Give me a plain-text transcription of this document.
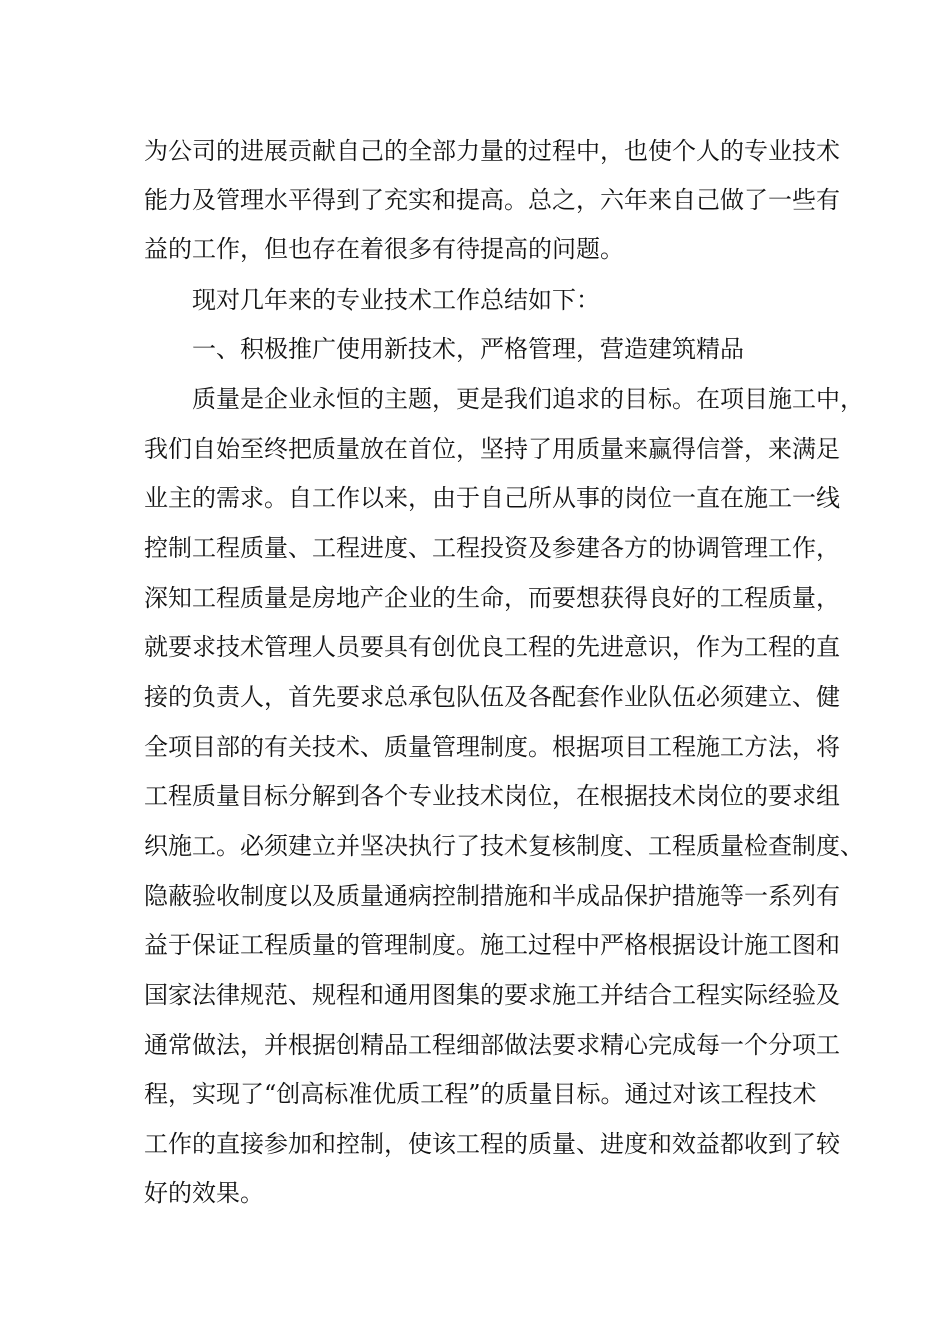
为公司的进展贡献自己的全部力量的过程中，也使个人的专业技术
能力及管理水平得到了充实和提高。总之，六年来自己做了一些有
益的工作，但也存在着很多有待提高的问题。
现对几年来的专业技术工作总结如下：
一、积极推广使用新技术，严格管理，营造建筑精品
质量是企业永恒的主题，更是我们追求的目标。在项目施工中，
我们自始至终把质量放在首位，坚持了用质量来赢得信誉，来满足
业主的需求。自工作以来，由于自己所从事的岗位一直在施工一线
控制工程质量、工程进度、工程投资及参建各方的协调管理工作，
深知工程质量是房地产企业的生命，而要想获得良好的工程质量，
就要求技术管理人员要具有创优良工程的先进意识，作为工程的直
接的负责人，首先要求总承包队伍及各配套作业队伍必须建立、健
全项目部的有关技术、质量管理制度。根据项目工程施工方法，将
工程质量目标分解到各个专业技术岗位，在根据技术岗位的要求组
织施工。必须建立并坚决执行了技术复核制度、工程质量检查制度、
隐蔽验收制度以及质量通病控制措施和半成品保护措施等一系列有
益于保证工程质量的管理制度。施工过程中严格根据设计施工图和
国家法律规范、规程和通用图集的要求施工并结合工程实际经验及
通常做法，并根据创精品工程细部做法要求精心完成每一个分项工
程，实现了“创高标准优质工程”的质量目标。通过对该工程技术
工作的直接参加和控制，使该工程的质量、进度和效益都收到了较
好的效果。
